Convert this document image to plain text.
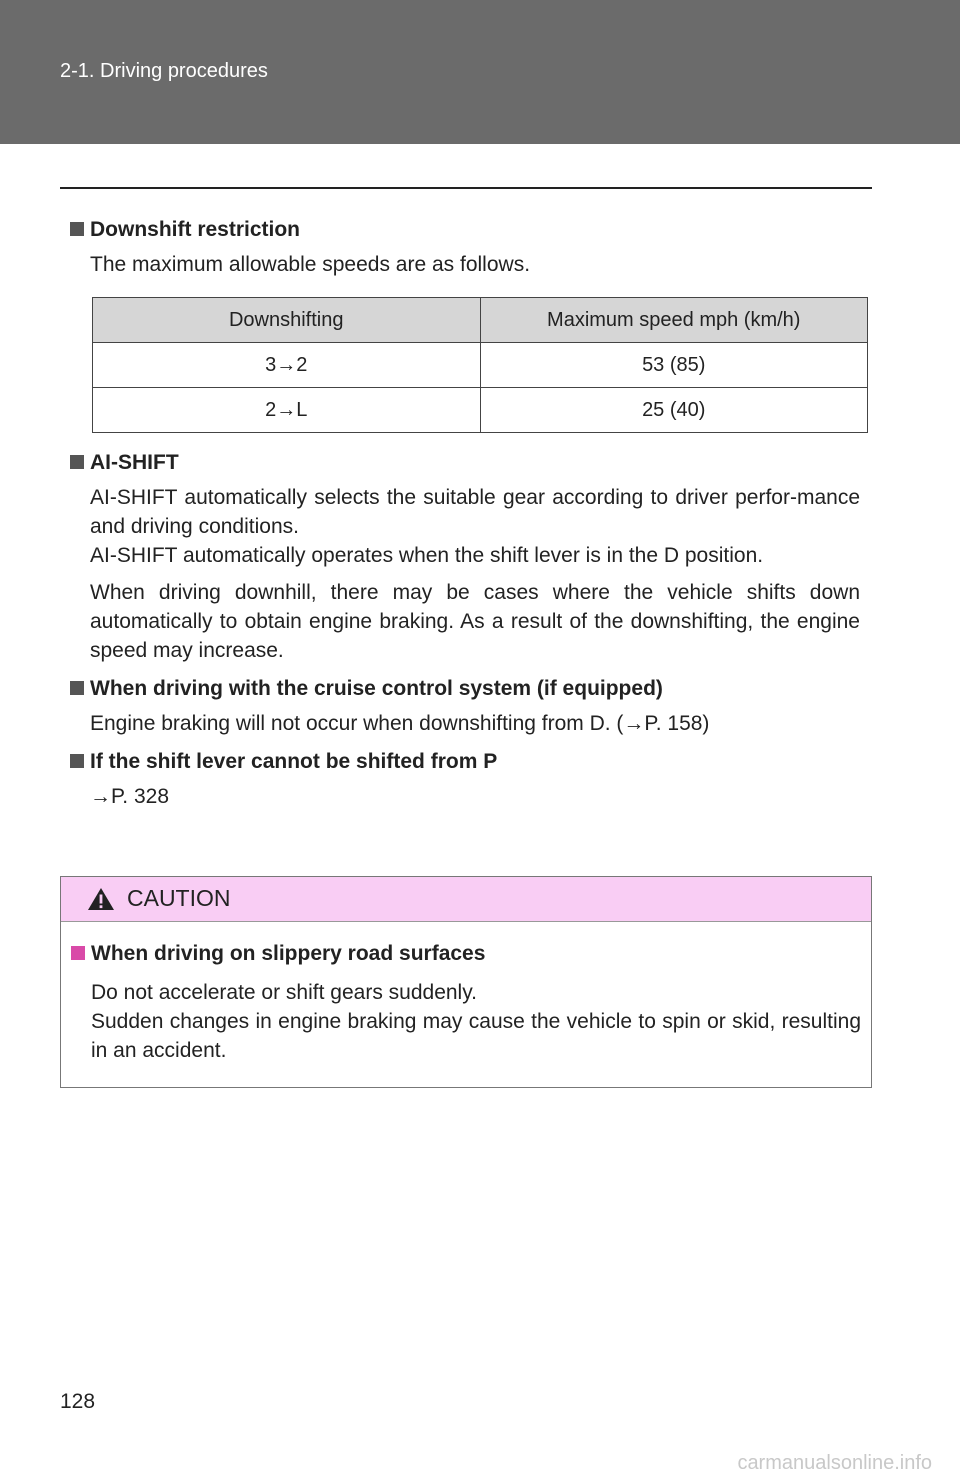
2-1. Driving procedures
Downshift restriction

The maximum allowable speeds are as follows.

Downshifting	Maximum speed mph (km/h)
3→2	53 (85)
2→L	25 (40)
AI-SHIFT

AI-SHIFT automatically selects the suitable gear according to driver perfor-mance and driving conditions.

AI-SHIFT automatically operates when the shift lever is in the D position.

When driving downhill, there may be cases where the vehicle shifts down automatically to obtain engine braking. As a result of the downshifting, the engine speed may increase.

When driving with the cruise control system (if equipped)

Engine braking will not occur when downshifting from D. (→P. 158)

If the shift lever cannot be shifted from P

→P. 328

CAUTION
When driving on slippery road surfaces

Do not accelerate or shift gears suddenly.

Sudden changes in engine braking may cause the vehicle to spin or skid, resulting in an accident.

128
carmanualsonline.info
